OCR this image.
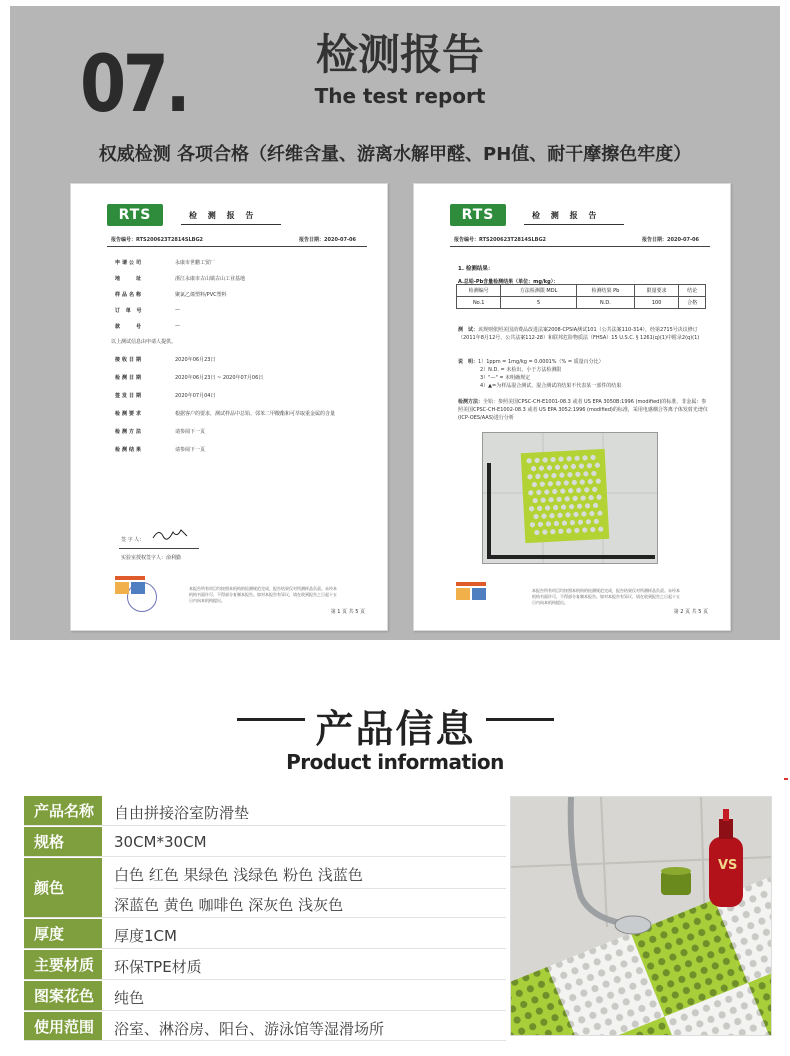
07.	检测报告
The test report
权威检测 各项合格（纤维含量、游离水解甲醛、PH值、耐干摩擦色牢度）
RTS	检 测 报 告
报告编号：RTS200623T2814SLBG2	报告日期：2020-07-06
申请公司	永康市世鹏工贸厂
地　　址	浙江永康市古山镇古山工业基地
样品名称	聚氯乙烯塑料/PVC塑料
订 单 号	—
款　　号	—
以上测试信息由申请人提供。
接收日期	2020年06月23日
检测日期	2020年06月23日 ~ 2020年07月06日
签发日期	2020年07月04日
检测要求	根据客户的要求，测试样品中总铅、邻苯二甲酸酯和可萃取重金属的含量
检测方法	请参阅下一页
检测结果	请参阅下一页
签 字 人：
实验室授权签字人：俞利勤
本报告所有项目均按照本机构的检测规范完成，报告结果仅对所测样品负责。未经本机构书面许可，不得部分复制本报告。如对本报告有异议，请在收到报告之日起十五日内向本机构提出。
第 1 页 共 5 页
RTS	检 测 报 告
报告编号：RTS200623T2814SLBG2	报告日期：2020-07-06
1. 检测结果：
A.总铅-Pb含量检测结果（单位：mg/kg）：
检测编号	方法检测限 MDL	检测结果 Pb	限量要求	结论
No.1	5	N.D.	100	合格
测　试：该规则依照美国消费品改进法案2008-CPSIA测试101（公共法案110-314），经第2715号决议修订（2011年8月12号，公共法案112-28）和联邦危险物质法（FHSA）15 U.S.C. § 1261(q)(1)中附录2(q)(1)
说　明：1）1ppm = 1mg/kg = 0.0001%（% = 质量百分比）
2）N.D. = 未检出，小于方法检测限
3）"—" = 未明确规定
4）▲=为样品混合测试，混合测试的结果不代表某一部件的结果
检测方法：全铅：参照美国CPSC-CH-E1001-08.3 或者 US EPA 3050B:1996 (modified)的标准，非金属：参照美国CPSC-CH-E1002-08.3 或者 US EPA 3052:1996 (modified)的标准，采用电感耦合等离子体发射光谱仪(ICP-OES/AAS)进行分析
本报告所有项目均按照本机构的检测规范完成，报告结果仅对所测样品负责。未经本机构书面许可，不得部分复制本报告。如对本报告有异议，请在收到报告之日起十五日内向本机构提出。
第 2 页 共 5 页
产品信息
Product information
产品名称	自由拼接浴室防滑垫
规格	30CM*30CM
颜色
白色 红色 果绿色 浅绿色 粉色 浅蓝色
深蓝色 黄色 咖啡色 深灰色 浅灰色
厚度	厚度1CM
主要材质	环保TPE材质
图案花色	纯色
使用范围	浴室、淋浴房、阳台、游泳馆等湿滑场所
VS
